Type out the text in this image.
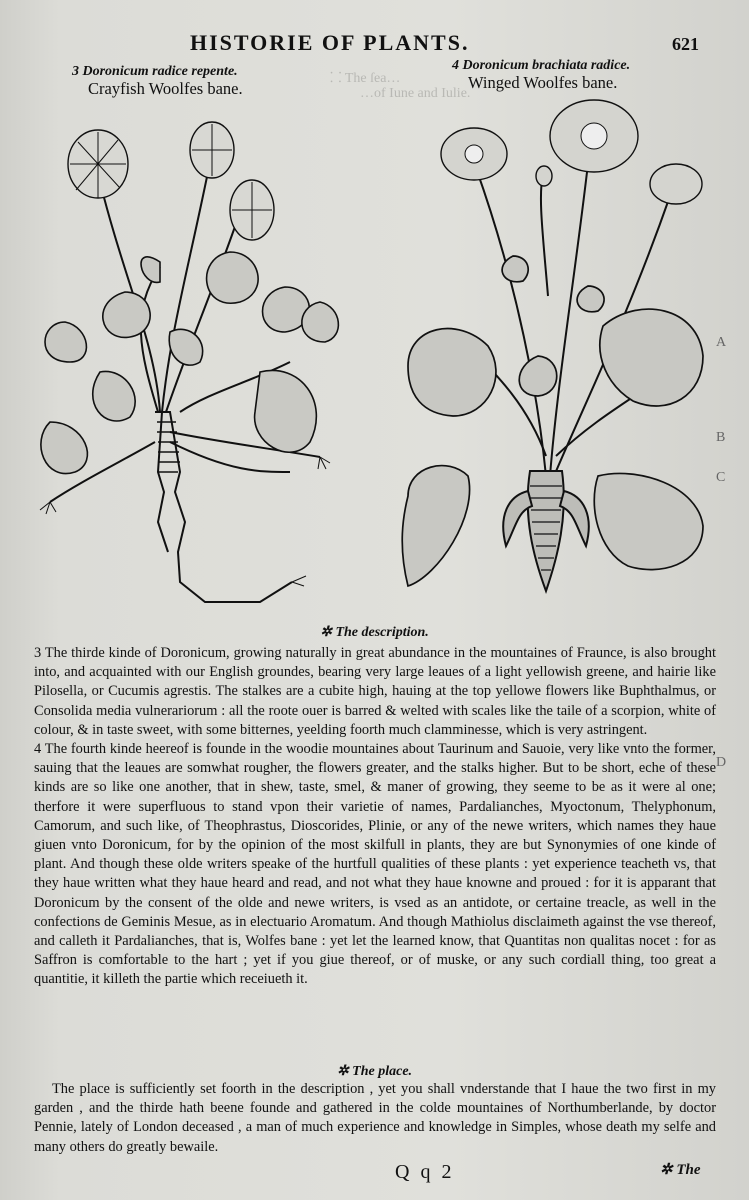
⸬ The ſea…
…of Iune and Iulie.
HISTORIE OF PLANTS.	621
3 Doronicum radice repente.
Crayfish Woolfes bane.
4 Doronicum brachiata radice.
Winged Woolfes bane.
✲ The description.

3 The thirde kinde of Doronicum, growing naturally in great abundance in the mountaines of Fraunce, is also brought into, and acquainted with our English groundes, bearing very large leaues of a light yellowish greene, and hairie like Pilosella, or Cucumis agrestis. The stalkes are a cubite high, hauing at the top yellowe flowers like Buphthalmus, or Consolida media vulnerariorum : all the roote ouer is barred & welted with scales like the taile of a scorpion, white of colour, & in taste sweet, with some bitternes, yeelding foorth much clamminesse, which is very astringent.

4 The fourth kinde heereof is founde in the woodie mountaines about Taurinum and Sauoie, very like vnto the former, sauing that the leaues are somwhat rougher, the flowers greater, and the stalks higher. But to be short, eche of these kinds are so like one another, that in shew, taste, smel, & maner of growing, they seeme to be as it were al one; therfore it were superfluous to stand vpon their varietie of names, Pardalianches, Myoctonum, Thelyphonum, Camorum, and such like, of Theophrastus, Dioscorides, Plinie, or any of the newe writers, which names they haue giuen vnto Doronicum, for by the opinion of the most skilfull in plants, they are but Synonymies of one kinde of plant. And though these olde writers speake of the hurtfull qualities of these plants : yet experience teacheth vs, that they haue written what they haue heard and read, and not what they haue knowne and proued : for it is apparant that Doronicum by the consent of the olde and newe writers, is vsed as an antidote, or certaine treacle, as well in the confections de Geminis Mesue, as in electuario Aromatum. And though Mathiolus disclaimeth against the vse thereof, and calleth it Pardalianches, that is, Wolfes bane : yet let the learned know, that Quantitas non qualitas nocet : for as Saffron is comfortable to the hart ; yet if you giue thereof, or of muske, or any such cordiall thing, too great a quantitie, it killeth the partie which receiueth it.

✲ The place.

The place is sufficiently set foorth in the description , yet you shall vnderstande that I haue the two first in my garden , and the thirde hath beene founde and gathered in the colde mountaines of Northumberlande, by doctor Pennie, lately of London deceased , a man of much experience and knowledge in Simples, whose death my selfe and many others do greatly bewaile.

Q q 2	✲ The
A
B
C
D
